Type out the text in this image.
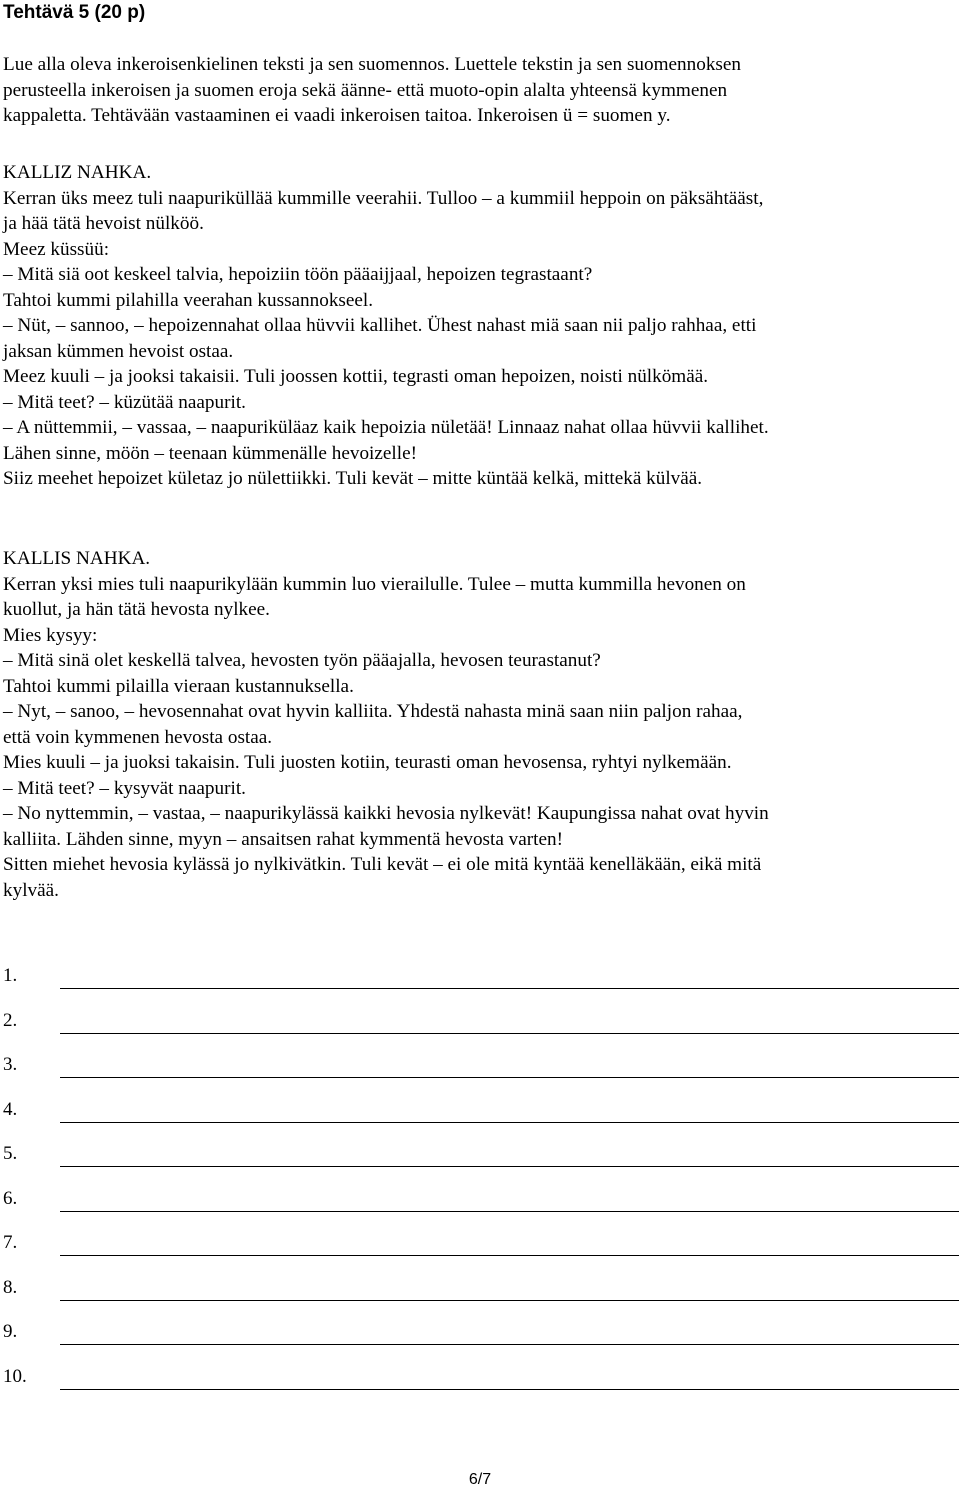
Tehtävä 5 (20 p)
Lue alla oleva inkeroisenkielinen teksti ja sen suomennos. Luettele tekstin ja sen suomennoksen
perusteella inkeroisen ja suomen eroja sekä äänne- että muoto-opin alalta yhteensä kymmenen
kappaletta. Tehtävään vastaaminen ei vaadi inkeroisen taitoa. Inkeroisen ü = suomen y.
KALLIZ NAHKA.
Kerran üks meez tuli naapuriküllää kummille veerahii. Tulloo – a kummiil heppoin on päksähtääst,
ja hää tätä hevoist nülköö.
Meez küssüü:
– Mitä siä oot keskeel talvia, hepoiziin töön pääaijjaal, hepoizen tegrastaant?
Tahtoi kummi pilahilla veerahan kussannokseel.
– Nüt, – sannoo, – hepoizennahat ollaa hüvvii kallihet. Ühest nahast miä saan nii paljo rahhaa, etti
jaksan kümmen hevoist ostaa.
Meez kuuli – ja jooksi takaisii. Tuli joossen kottii, tegrasti oman hepoizen, noisti nülkömää.
– Mitä teet? – küzütää naapurit.
– A nüttemmii, – vassaa, – naapuriküläaz kaik hepoizia nületää! Linnaaz nahat ollaa hüvvii kallihet.
Lähen sinne, möön – teenaan kümmenälle hevoizelle!
Siiz meehet hepoizet kületaz jo nülettiikki. Tuli kevät – mitte küntää kelkä, mittekä külvää.
KALLIS NAHKA.
Kerran yksi mies tuli naapurikylään kummin luo vierailulle. Tulee – mutta kummilla hevonen on
kuollut, ja hän tätä hevosta nylkee.
Mies kysyy:
– Mitä sinä olet keskellä talvea, hevosten työn pääajalla, hevosen teurastanut?
Tahtoi kummi pilailla vieraan kustannuksella.
– Nyt, – sanoo, – hevosennahat ovat hyvin kalliita. Yhdestä nahasta minä saan niin paljon rahaa,
että voin kymmenen hevosta ostaa.
Mies kuuli – ja juoksi takaisin. Tuli juosten kotiin, teurasti oman hevosensa, ryhtyi nylkemään.
– Mitä teet? – kysyvät naapurit.
– No nyttemmin, – vastaa, – naapurikylässä kaikki hevosia nylkevät! Kaupungissa nahat ovat hyvin
kalliita. Lähden sinne, myyn – ansaitsen rahat kymmentä hevosta varten!
Sitten miehet hevosia kylässä jo nylkivätkin. Tuli kevät – ei ole mitä kyntää kenelläkään, eikä mitä
kylvää.
1.
2.
3.
4.
5.
6.
7.
8.
9.
10.
6/7
